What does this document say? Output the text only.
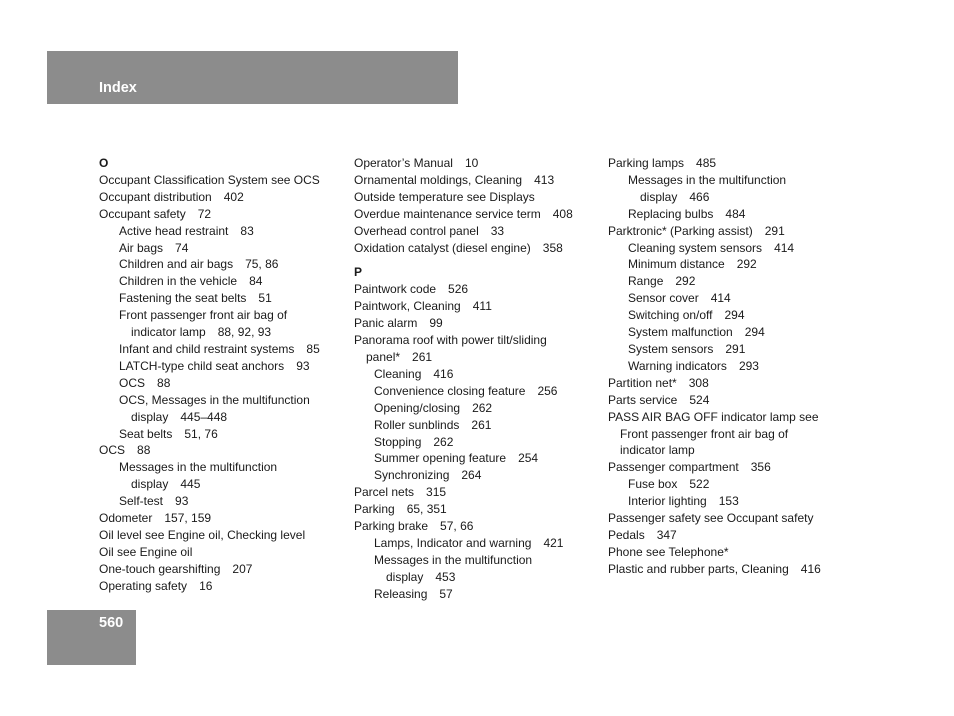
Index
O
Occupant Classification System see OCS
Occupant distribution 402
Occupant safety 72
Active head restraint 83
Air bags 74
Children and air bags 75, 86
Children in the vehicle 84
Fastening the seat belts 51
Front passenger front air bag of
indicator lamp 88, 92, 93
Infant and child restraint systems 85
LATCH-type child seat anchors 93
OCS 88
OCS, Messages in the multifunction
display 445–448
Seat belts 51, 76
OCS 88
Messages in the multifunction
display 445
Self-test 93
Odometer 157, 159
Oil level see Engine oil, Checking level
Oil see Engine oil
One-touch gearshifting 207
Operating safety 16
Operator’s Manual 10
Ornamental moldings, Cleaning 413
Outside temperature see Displays
Overdue maintenance service term 408
Overhead control panel 33
Oxidation catalyst (diesel engine) 358
P
Paintwork code 526
Paintwork, Cleaning 411
Panic alarm 99
Panorama roof with power tilt/sliding
panel* 261
Cleaning 416
Convenience closing feature 256
Opening/closing 262
Roller sunblinds 261
Stopping 262
Summer opening feature 254
Synchronizing 264
Parcel nets 315
Parking 65, 351
Parking brake 57, 66
Lamps, Indicator and warning 421
Messages in the multifunction
display 453
Releasing 57
Parking lamps 485
Messages in the multifunction
display 466
Replacing bulbs 484
Parktronic* (Parking assist) 291
Cleaning system sensors 414
Minimum distance 292
Range 292
Sensor cover 414
Switching on/off 294
System malfunction 294
System sensors 291
Warning indicators 293
Partition net* 308
Parts service 524
PASS AIR BAG OFF indicator lamp see
Front passenger front air bag of
indicator lamp
Passenger compartment 356
Fuse box 522
Interior lighting 153
Passenger safety see Occupant safety
Pedals 347
Phone see Telephone*
Plastic and rubber parts, Cleaning 416
560
